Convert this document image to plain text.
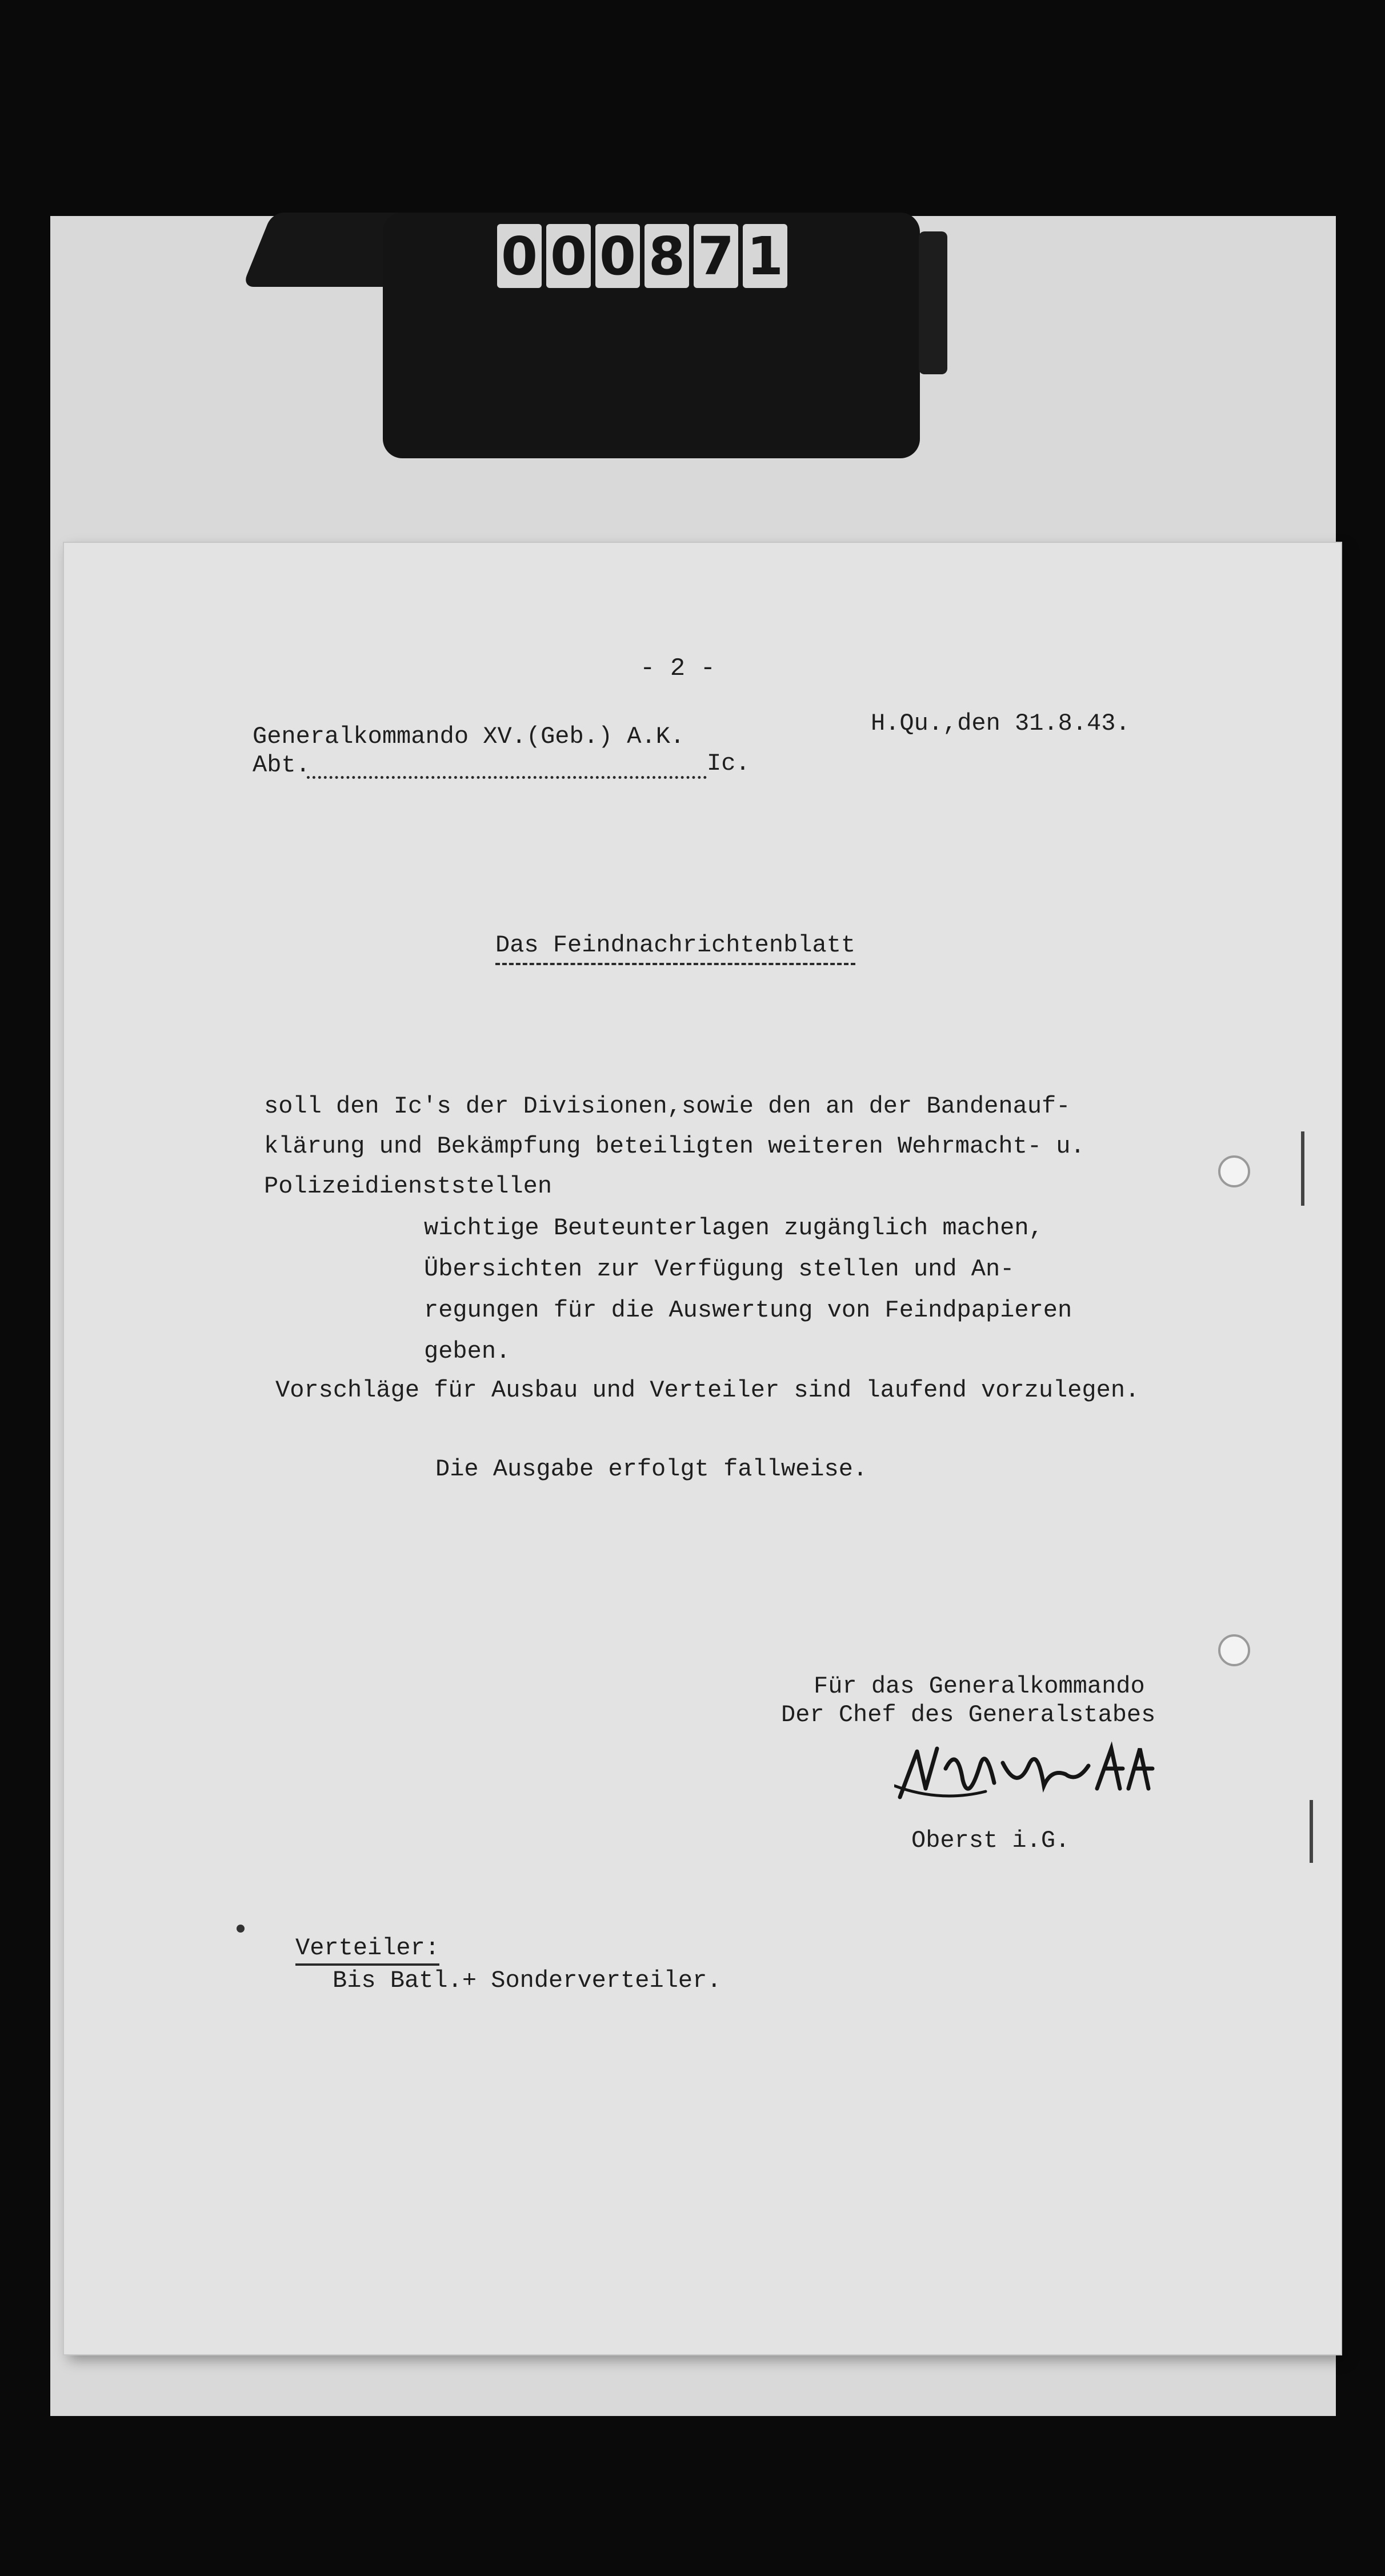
0 0 0 8 7 1
- 2 -
Generalkommando XV.(Geb.) A.K.
Abt.	Ic.
H.Qu.,den 31.8.43.
Das Feindnachrichtenblatt
soll den Ic's der Divisionen,sowie den an der Bandenauf-
klärung und Bekämpfung beteiligten weiteren Wehrmacht- u.
Polizeidienststellen
wichtige Beuteunterlagen zugänglich machen,
Übersichten zur Verfügung stellen und An-
regungen für die Auswertung von Feindpapieren
geben.
Vorschläge für Ausbau und Verteiler sind laufend vorzulegen.
Die Ausgabe erfolgt fallweise.
Für das Generalkommando
Der Chef des Generalstabes
Oberst i.G.
Verteiler:
Bis Batl.+ Sonderverteiler.
